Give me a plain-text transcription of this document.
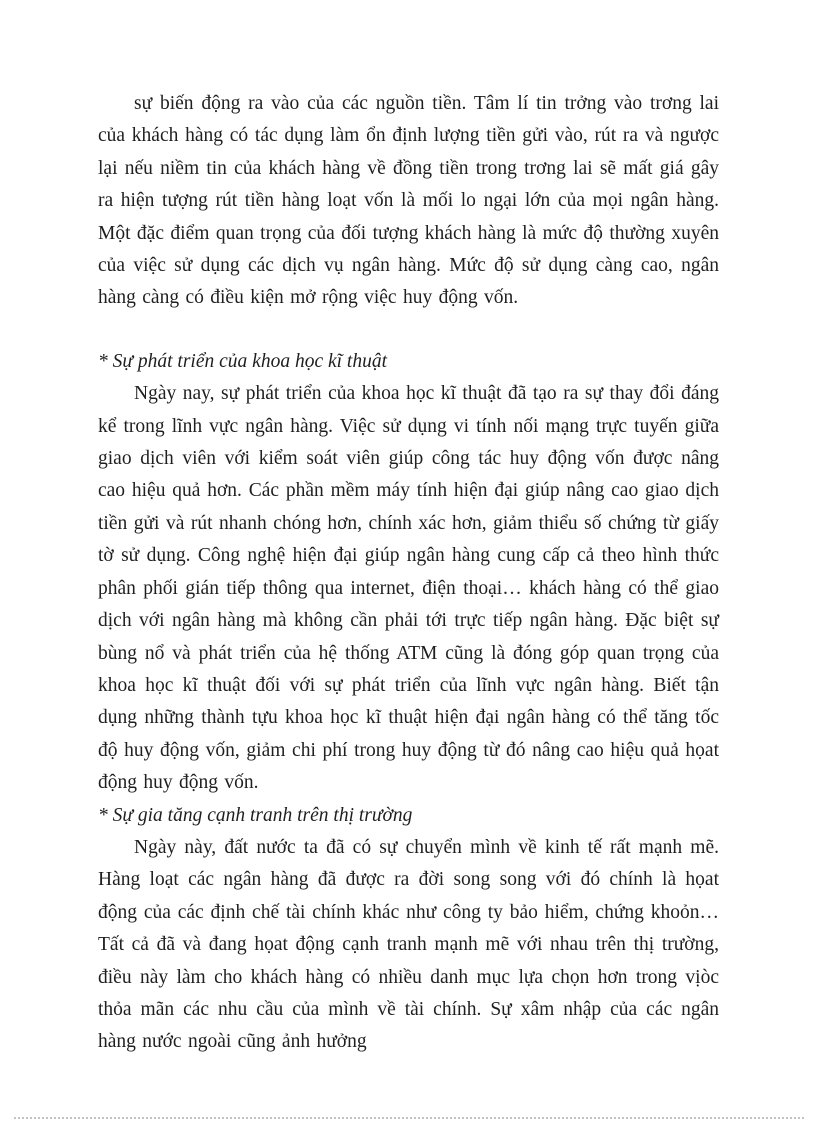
sự biến động ra vào của các nguồn tiền. Tâm lí tin trởng vào trơng lai của khách hàng có tác dụng làm ổn định lượng tiền gửi vào, rút ra và ngược lại nếu niềm tin của khách hàng về đồng tiền trong trơng lai sẽ mất giá gây ra hiện tượng rút tiền hàng loạt vốn là mối lo ngại lớn của mọi ngân hàng. Một đặc điểm quan trọng của đối tượng khách hàng là mức độ thường xuyên của việc sử dụng các dịch vụ ngân hàng. Mức độ sử dụng càng cao, ngân hàng càng có điều kiện mở rộng việc huy động vốn.

* Sự phát triển của khoa học kĩ thuật

Ngày nay, sự phát triển của khoa học kĩ thuật đã tạo ra sự thay đổi đáng kể trong lĩnh vực ngân hàng. Việc sử dụng vi tính nối mạng trực tuyến giữa giao dịch viên với kiểm soát viên giúp công tác huy động vốn được nâng cao hiệu quả hơn. Các phần mềm máy tính hiện đại giúp nâng cao giao dịch tiền gửi và rút nhanh chóng hơn, chính xác hơn, giảm thiểu số chứng từ giấy tờ sử dụng. Công nghệ hiện đại giúp ngân hàng cung cấp cả theo hình thức phân phối gián tiếp thông qua internet, điện thoại… khách hàng có thể giao dịch với ngân hàng mà không cần phải tới trực tiếp ngân hàng. Đặc biệt sự bùng nổ và phát triển của hệ thống ATM cũng là đóng góp quan trọng của khoa học kĩ thuật đối với sự phát triển của lĩnh vực ngân hàng. Biết tận dụng những thành tựu khoa học kĩ thuật hiện đại ngân hàng có thể tăng tốc độ huy động vốn, giảm chi phí trong huy động từ đó nâng cao hiệu quả họat động huy động vốn.

* Sự gia tăng cạnh tranh trên thị trường

Ngày này, đất nước ta đã có sự chuyển mình về kinh tế rất mạnh mẽ. Hàng loạt các ngân hàng đã được ra đời song song với đó chính là họat động của các định chế tài chính khác như công ty bảo hiểm, chứng khoỏn… Tất cả đã và đang họat động cạnh tranh mạnh mẽ với nhau trên thị trường, điều này làm cho khách hàng có nhiều danh mục lựa chọn hơn trong vịòc thỏa mãn các nhu cầu của mình về tài chính. Sự xâm nhập của các ngân hàng nước ngoài cũng ảnh hưởng
